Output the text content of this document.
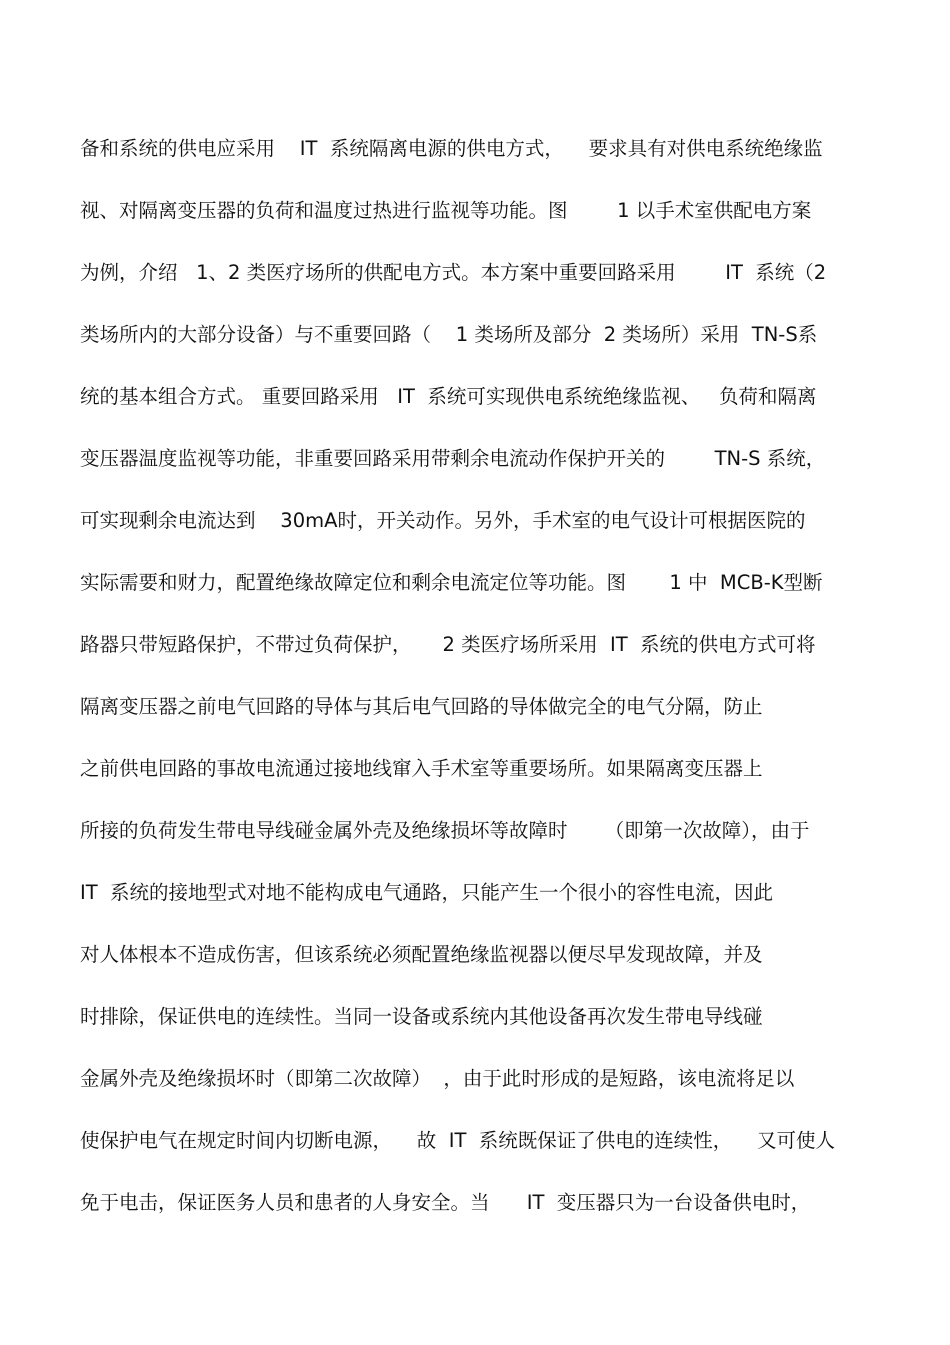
备和系统的供电应采用    IT  系统隔离电源的供电方式，    要求具有对供电系统绝缘监
视、对隔离变压器的负荷和温度过热进行监视等功能。图        1 以手术室供配电方案
为例，介绍   1、2 类医疗场所的供配电方式。本方案中重要回路采用        IT  系统（2
类场所内的大部分设备）与不重要回路（    1 类场所及部分  2 类场所）采用  TN-S系
统的基本组合方式。 重要回路采用   IT  系统可实现供电系统绝缘监视、   负荷和隔离
变压器温度监视等功能，非重要回路采用带剩余电流动作保护开关的        TN-S 系统，
可实现剩余电流达到    30mA时，开关动作。另外，手术室的电气设计可根据医院的
实际需要和财力，配置绝缘故障定位和剩余电流定位等功能。图       1 中  MCB-K型断
路器只带短路保护，不带过负荷保护，     2 类医疗场所采用  IT  系统的供电方式可将
隔离变压器之前电气回路的导体与其后电气回路的导体做完全的电气分隔，防止
之前供电回路的事故电流通过接地线窜入手术室等重要场所。如果隔离变压器上
所接的负荷发生带电导线碰金属外壳及绝缘损坏等故障时      （即第一次故障），由于
IT  系统的接地型式对地不能构成电气通路，只能产生一个很小的容性电流，因此
对人体根本不造成伤害，但该系统必须配置绝缘监视器以便尽早发现故障，并及
时排除，保证供电的连续性。当同一设备或系统内其他设备再次发生带电导线碰
金属外壳及绝缘损坏时（即第二次故障）  ，由于此时形成的是短路，该电流将足以
使保护电气在规定时间内切断电源，    故  IT  系统既保证了供电的连续性，    又可使人
免于电击，保证医务人员和患者的人身安全。当      IT  变压器只为一台设备供电时，
